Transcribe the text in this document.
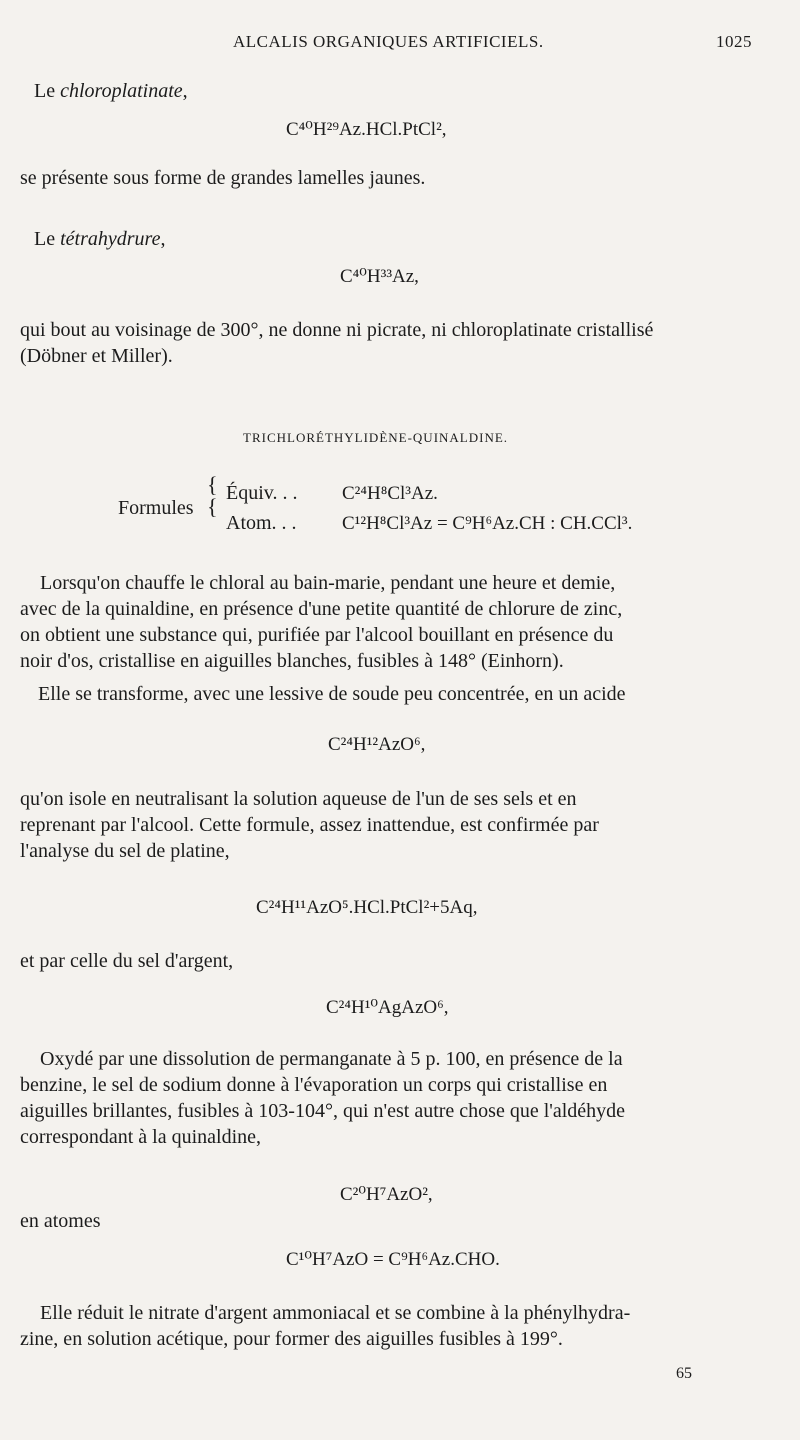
ALCALIS ORGANIQUES ARTIFICIELS.	1025
Le chloroplatinate,
C⁴⁰H²⁹Az.HCl.PtCl²,
se présente sous forme de grandes lamelles jaunes.
Le tétrahydrure,
C⁴⁰H³³Az,
qui bout au voisinage de 300°, ne donne ni picrate, ni chloroplatinate cristallisé
(Döbner et Miller).
TRICHLORÉTHYLIDÈNE-QUINALDINE.
Formules
{
{
Équiv. . . C²⁴H⁸Cl³Az.
Atom. . . C¹²H⁸Cl³Az = C⁹H⁶Az.CH : CH.CCl³.
Lorsqu'on chauffe le chloral au bain-marie, pendant une heure et demie,
avec de la quinaldine, en présence d'une petite quantité de chlorure de zinc,
on obtient une substance qui, purifiée par l'alcool bouillant en présence du
noir d'os, cristallise en aiguilles blanches, fusibles à 148° (Einhorn).
Elle se transforme, avec une lessive de soude peu concentrée, en un acide
C²⁴H¹²AzO⁶,
qu'on isole en neutralisant la solution aqueuse de l'un de ses sels et en
reprenant par l'alcool. Cette formule, assez inattendue, est confirmée par
l'analyse du sel de platine,
C²⁴H¹¹AzO⁵.HCl.PtCl²+5Aq,
et par celle du sel d'argent,
C²⁴H¹⁰AgAzO⁶,
Oxydé par une dissolution de permanganate à 5 p. 100, en présence de la
benzine, le sel de sodium donne à l'évaporation un corps qui cristallise en
aiguilles brillantes, fusibles à 103-104°, qui n'est autre chose que l'aldéhyde
correspondant à la quinaldine,
C²⁰H⁷AzO²,
en atomes
C¹⁰H⁷AzO = C⁹H⁶Az.CHO.
Elle réduit le nitrate d'argent ammoniacal et se combine à la phénylhydra-
zine, en solution acétique, pour former des aiguilles fusibles à 199°.
65
